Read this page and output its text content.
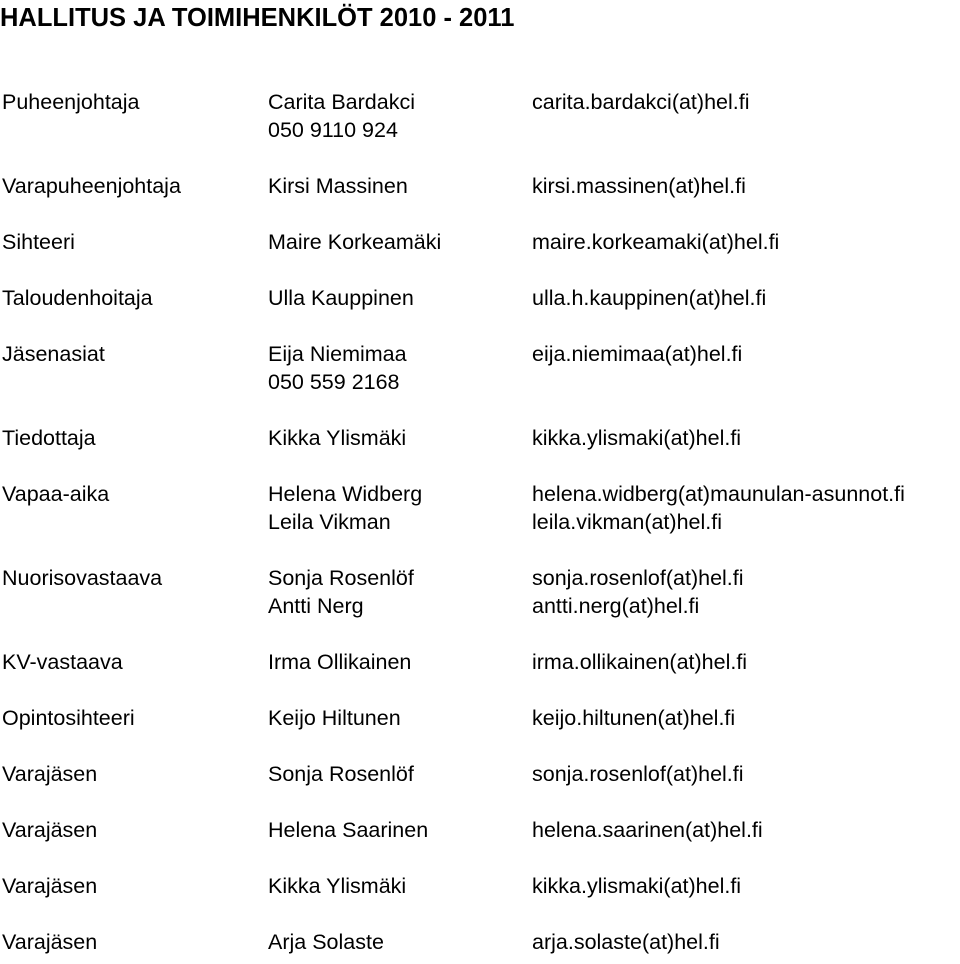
HALLITUS JA TOIMIHENKILÖT 2010 - 2011
Puheenjohtaja	Carita Bardakci	carita.bardakci(at)hel.fi
050 9110 924
Varapuheenjohtaja	Kirsi Massinen	kirsi.massinen(at)hel.fi
Sihteeri	Maire Korkeamäki	maire.korkeamaki(at)hel.fi
Taloudenhoitaja	Ulla Kauppinen	ulla.h.kauppinen(at)hel.fi
Jäsenasiat	Eija Niemimaa	eija.niemimaa(at)hel.fi
050 559 2168
Tiedottaja	Kikka Ylismäki	kikka.ylismaki(at)hel.fi
Vapaa-aika	Helena Widberg	helena.widberg(at)maunulan-asunnot.fi
Leila Vikman	leila.vikman(at)hel.fi
Nuorisovastaava	Sonja Rosenlöf	sonja.rosenlof(at)hel.fi
Antti Nerg	antti.nerg(at)hel.fi
KV-vastaava	Irma Ollikainen	irma.ollikainen(at)hel.fi
Opintosihteeri	Keijo Hiltunen	keijo.hiltunen(at)hel.fi
Varajäsen	Sonja Rosenlöf	sonja.rosenlof(at)hel.fi
Varajäsen	Helena Saarinen	helena.saarinen(at)hel.fi
Varajäsen	Kikka Ylismäki	kikka.ylismaki(at)hel.fi
Varajäsen	Arja Solaste	arja.solaste(at)hel.fi
